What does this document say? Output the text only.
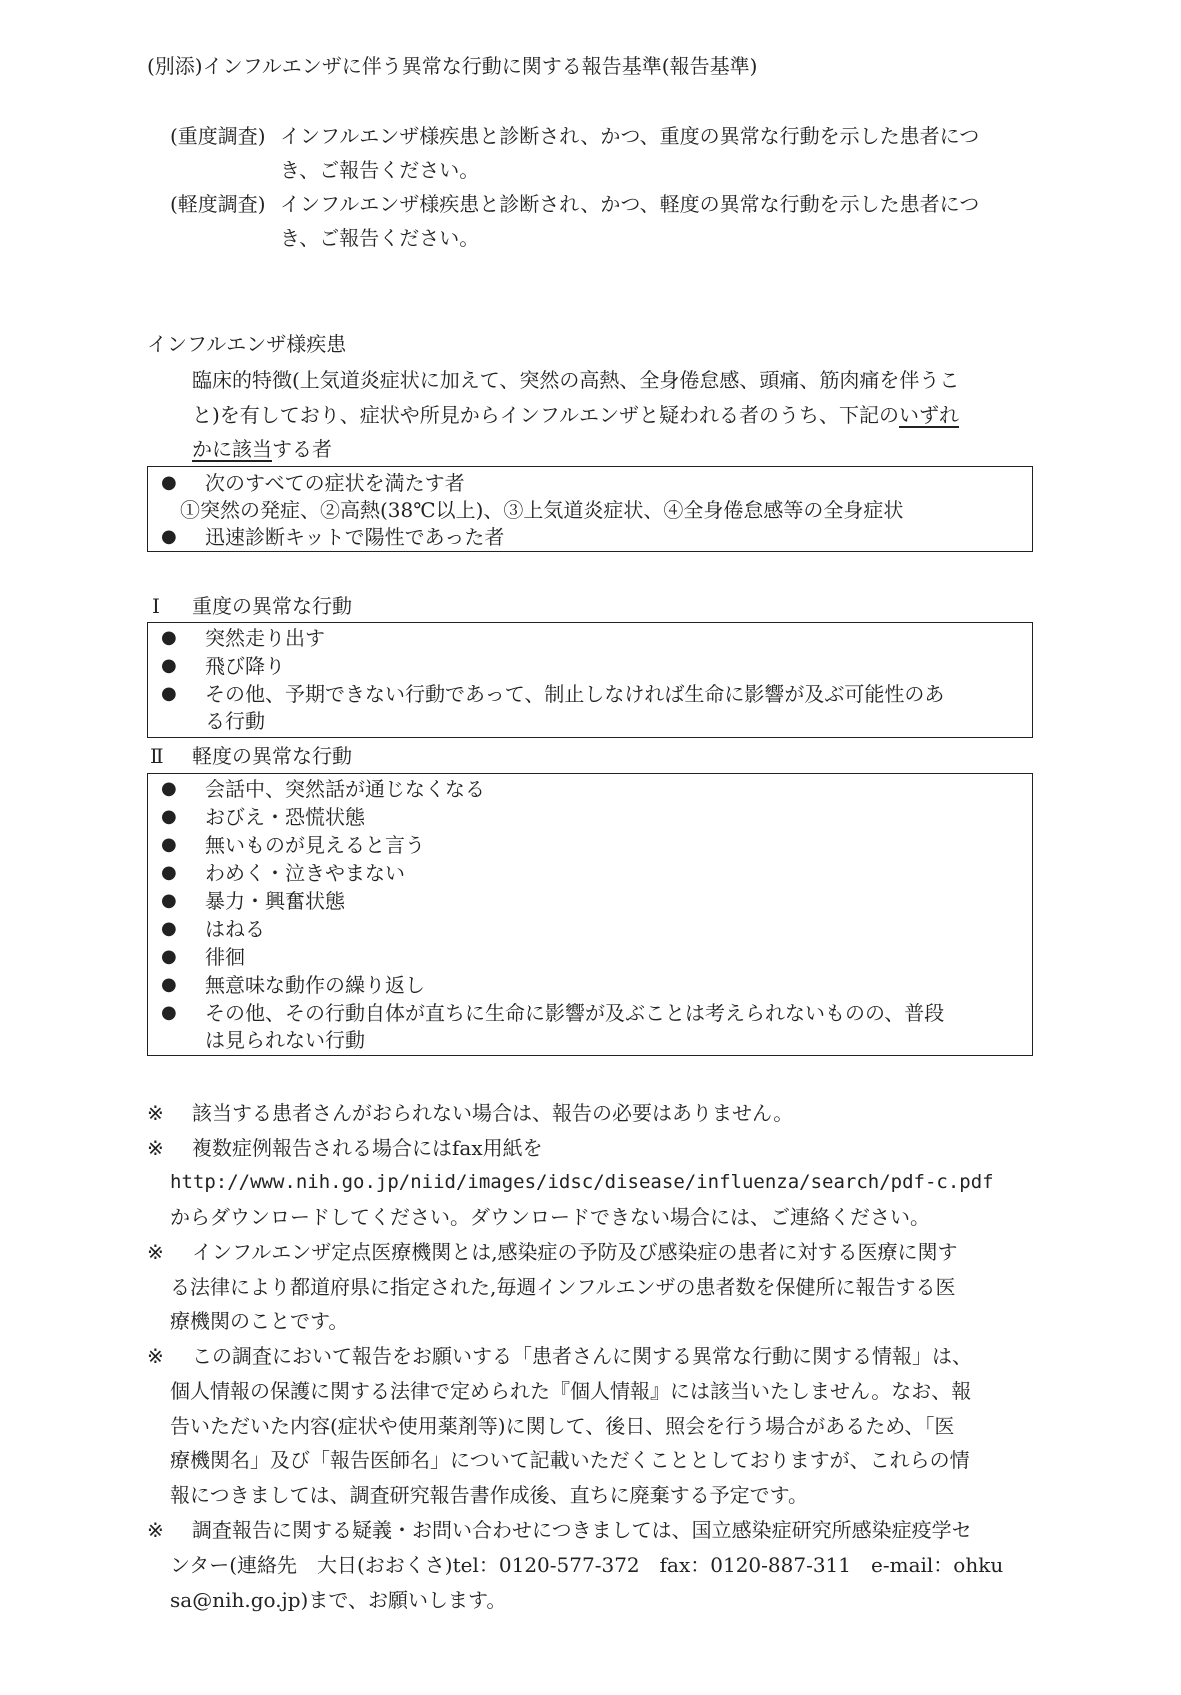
(別添)インフルエンザに伴う異常な行動に関する報告基準(報告基準)
(重度調査) インフルエンザ様疾患と診断され、かつ、重度の異常な行動を示した患者につ
き、ご報告ください。
(軽度調査) インフルエンザ様疾患と診断され、かつ、軽度の異常な行動を示した患者につ
き、ご報告ください。
インフルエンザ様疾患
臨床的特徴(上気道炎症状に加えて、突然の高熱、全身倦怠感、頭痛、筋肉痛を伴うこ
と)を有しており、症状や所見からインフルエンザと疑われる者のうち、下記のいずれ
かに該当する者
● 次のすべての症状を満たす者
①突然の発症、②高熱(38℃以上)、③上気道炎症状、④全身倦怠感等の全身症状
● 迅速診断キットで陽性であった者
Ⅰ 重度の異常な行動
● 突然走り出す
● 飛び降り
● その他、予期できない行動であって、制止しなければ生命に影響が及ぶ可能性のあ
る行動
Ⅱ 軽度の異常な行動
● 会話中、突然話が通じなくなる
● おびえ・恐慌状態
● 無いものが見えると言う
● わめく・泣きやまない
● 暴力・興奮状態
● はねる
● 徘徊
● 無意味な動作の繰り返し
● その他、その行動自体が直ちに生命に影響が及ぶことは考えられないものの、普段
は見られない行動
※ 該当する患者さんがおられない場合は、報告の必要はありません。
※ 複数症例報告される場合にはfax用紙を
http://www.nih.go.jp/niid/images/idsc/disease/influenza/search/pdf-c.pdf
からダウンロードしてください。ダウンロードできない場合には、ご連絡ください。
※ インフルエンザ定点医療機関とは,感染症の予防及び感染症の患者に対する医療に関す
る法律により都道府県に指定された,毎週インフルエンザの患者数を保健所に報告する医
療機関のことです。
※ この調査において報告をお願いする「患者さんに関する異常な行動に関する情報」は、
個人情報の保護に関する法律で定められた『個人情報』には該当いたしません。なお、報
告いただいた内容(症状や使用薬剤等)に関して、後日、照会を行う場合があるため、「医
療機関名」及び「報告医師名」について記載いただくこととしておりますが、これらの情
報につきましては、調査研究報告書作成後、直ちに廃棄する予定です。
※ 調査報告に関する疑義・お問い合わせにつきましては、国立感染症研究所感染症疫学セ
ンター(連絡先　大日(おおくさ)tel：0120-577-372　fax：0120-887-311　e-mail：ohku
sa@nih.go.jp)まで、お願いします。
